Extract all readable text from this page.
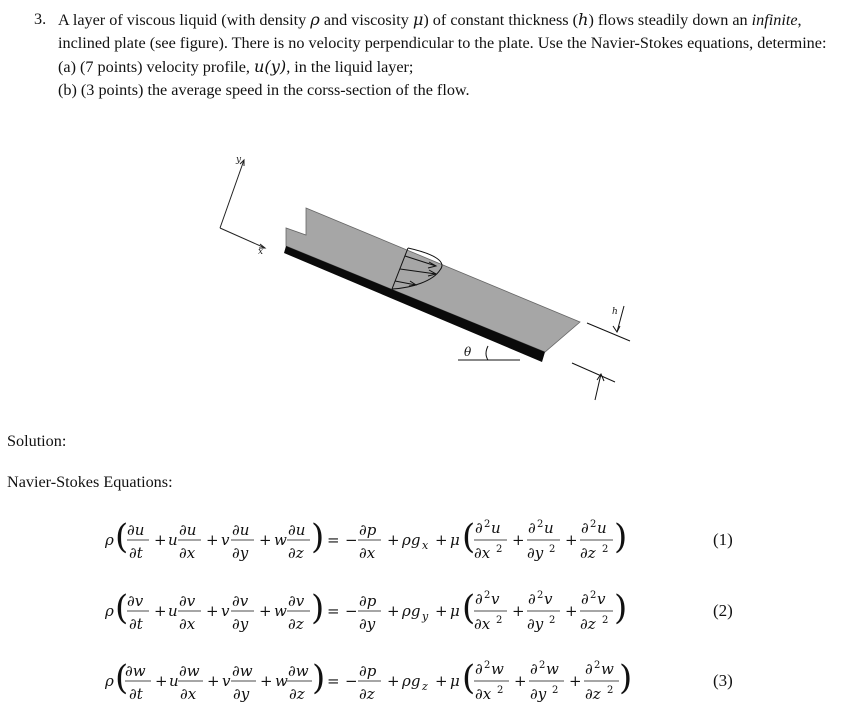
3. A layer of viscous liquid (with density ρ and viscosity μ) of constant thickness (h) flows steadily down an infinite, inclined plate (see figure). There is no velocity perpendicular to the plate. Use the Navier-Stokes equations, determine:
(a) (7 points) velocity profile, u(y), in the liquid layer;
(b) (3 points) the average speed in the corss-section of the flow.
y
x
θ
h
Solution:
Navier-Stokes Equations:
ρ (
∂u
∂t
+ u
∂u
∂x
+ v
∂u
∂y
+ w
∂u
∂z ) = −
∂p
∂x
+ ρg x + μ ( ∂ 2 u
∂x 2
+
∂ 2 u
∂y 2
+
∂ 2 u
∂z 2 )	(1)
ρ (
∂v
∂t
+ u
∂v
∂x
+ v
∂v
∂y
+ w
∂v
∂z ) = −
∂p
∂y
+ ρg y + μ ( ∂ 2 v
∂x 2
+
∂ 2 v
∂y 2
+
∂ 2 v
∂z 2 )	(2)
ρ (
∂w
∂t
+ u
∂w
∂x
+ v
∂w
∂y
+ w
∂w
∂z ) = −
∂p
∂z
+ ρg z + μ ( ∂ 2 w
∂x 2
+
∂ 2 w
∂y 2
+
∂ 2 w
∂z 2 )	(3)
